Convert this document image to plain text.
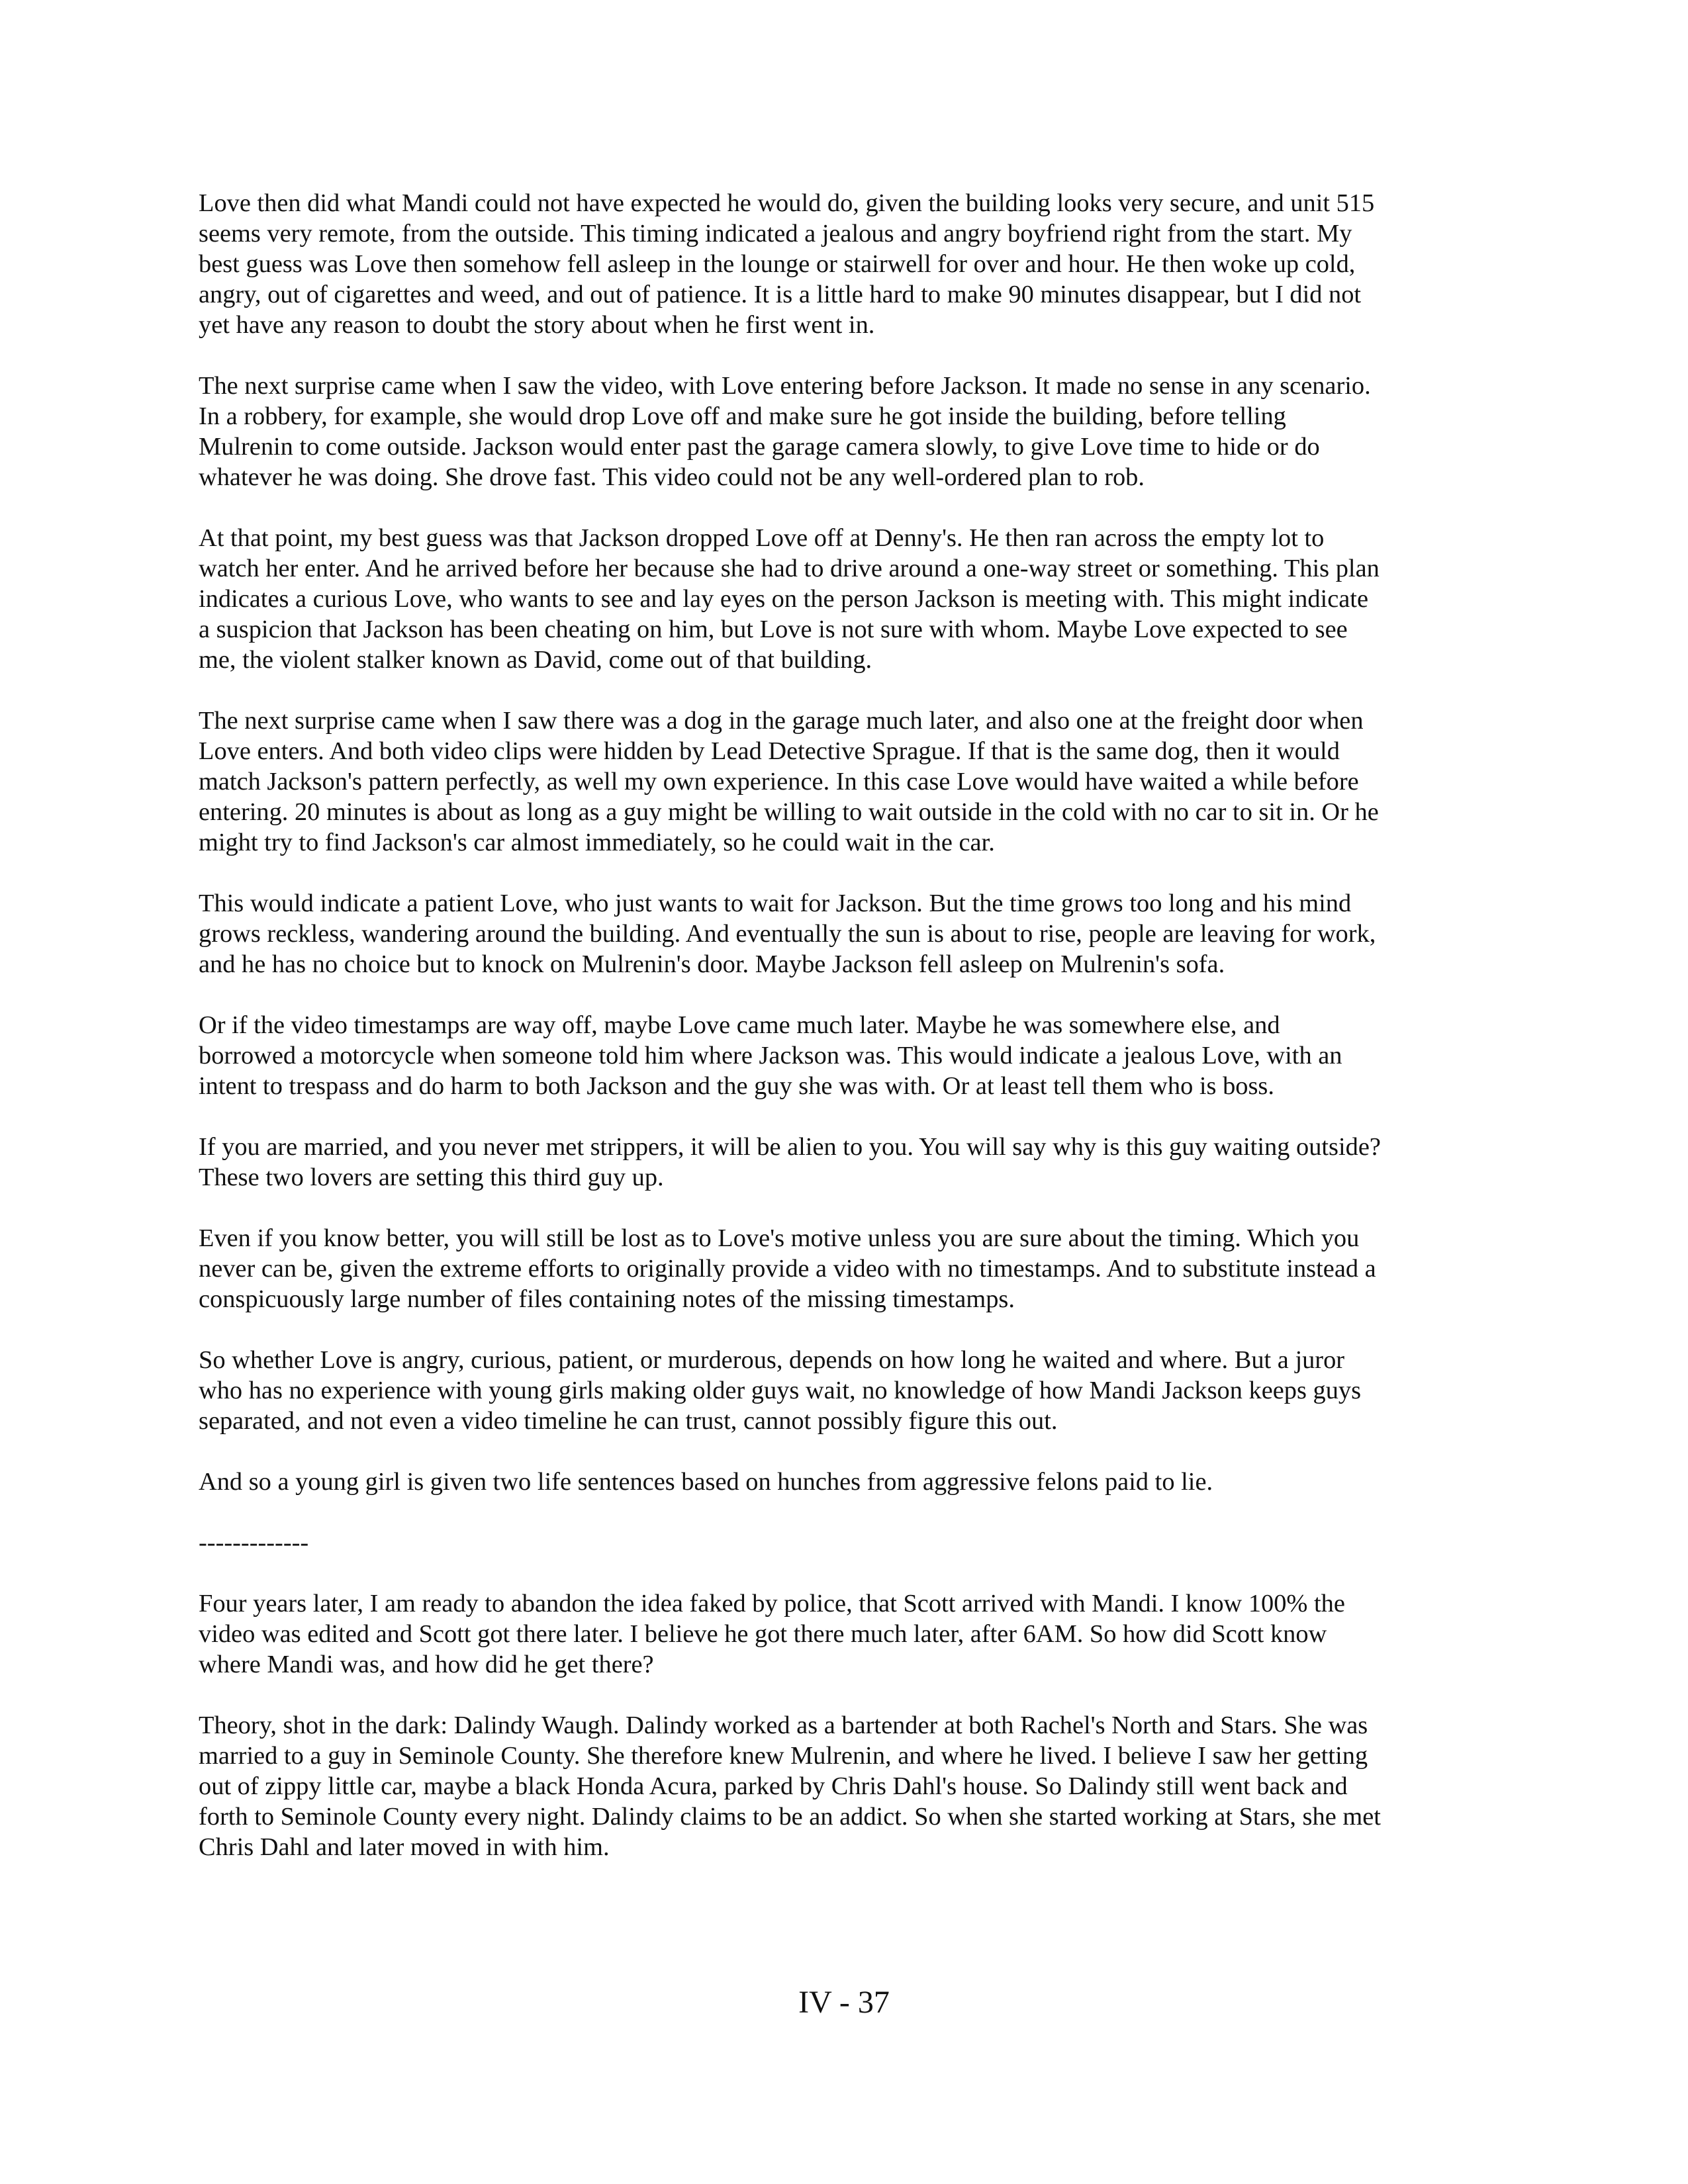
Love then did what Mandi could not have expected he would do, given the building looks very secure, and unit 515
seems very remote, from the outside. This timing indicated a jealous and angry boyfriend right from the start. My
best guess was Love then somehow fell asleep in the lounge or stairwell for over and hour. He then woke up cold,
angry, out of cigarettes and weed, and out of patience. It is a little hard to make 90 minutes disappear, but I did not
yet have any reason to doubt the story about when he first went in.

The next surprise came when I saw the video, with Love entering before Jackson. It made no sense in any scenario.
In a robbery, for example, she would drop Love off and make sure he got inside the building, before telling
Mulrenin to come outside. Jackson would enter past the garage camera slowly, to give Love time to hide or do
whatever he was doing. She drove fast. This video could not be any well-ordered plan to rob.

At that point, my best guess was that Jackson dropped Love off at Denny's. He then ran across the empty lot to
watch her enter. And he arrived before her because she had to drive around a one-way street or something. This plan
indicates a curious Love, who wants to see and lay eyes on the person Jackson is meeting with. This might indicate
a suspicion that Jackson has been cheating on him, but Love is not sure with whom. Maybe Love expected to see
me, the violent stalker known as David, come out of that building.

The next surprise came when I saw there was a dog in the garage much later, and also one at the freight door when
Love enters. And both video clips were hidden by Lead Detective Sprague. If that is the same dog, then it would
match Jackson's pattern perfectly, as well my own experience. In this case Love would have waited a while before
entering. 20 minutes is about as long as a guy might be willing to wait outside in the cold with no car to sit in. Or he
might try to find Jackson's car almost immediately, so he could wait in the car.

This would indicate a patient Love, who just wants to wait for Jackson. But the time grows too long and his mind
grows reckless, wandering around the building. And eventually the sun is about to rise, people are leaving for work,
and he has no choice but to knock on Mulrenin's door. Maybe Jackson fell asleep on Mulrenin's sofa.

Or if the video timestamps are way off, maybe Love came much later. Maybe he was somewhere else, and
borrowed a motorcycle when someone told him where Jackson was. This would indicate a jealous Love, with an
intent to trespass and do harm to both Jackson and the guy she was with. Or at least tell them who is boss.

If you are married, and you never met strippers, it will be alien to you. You will say why is this guy waiting outside?
These two lovers are setting this third guy up.

Even if you know better, you will still be lost as to Love's motive unless you are sure about the timing. Which you
never can be, given the extreme efforts to originally provide a video with no timestamps. And to substitute instead a
conspicuously large number of files containing notes of the missing timestamps.

So whether Love is angry, curious, patient, or murderous, depends on how long he waited and where. But a juror
who has no experience with young girls making older guys wait, no knowledge of how Mandi Jackson keeps guys
separated, and not even a video timeline he can trust, cannot possibly figure this out.

And so a young girl is given two life sentences based on hunches from aggressive felons paid to lie.

-------------

Four years later, I am ready to abandon the idea faked by police, that Scott arrived with Mandi. I know 100% the
video was edited and Scott got there later. I believe he got there much later, after 6AM. So how did Scott know
where Mandi was, and how did he get there?

Theory, shot in the dark: Dalindy Waugh. Dalindy worked as a bartender at both Rachel's North and Stars. She was
married to a guy in Seminole County. She therefore knew Mulrenin, and where he lived. I believe I saw her getting
out of zippy little car, maybe a black Honda Acura, parked by Chris Dahl's house. So Dalindy still went back and
forth to Seminole County every night. Dalindy claims to be an addict. So when she started working at Stars, she met
Chris Dahl and later moved in with him.

IV - 37
